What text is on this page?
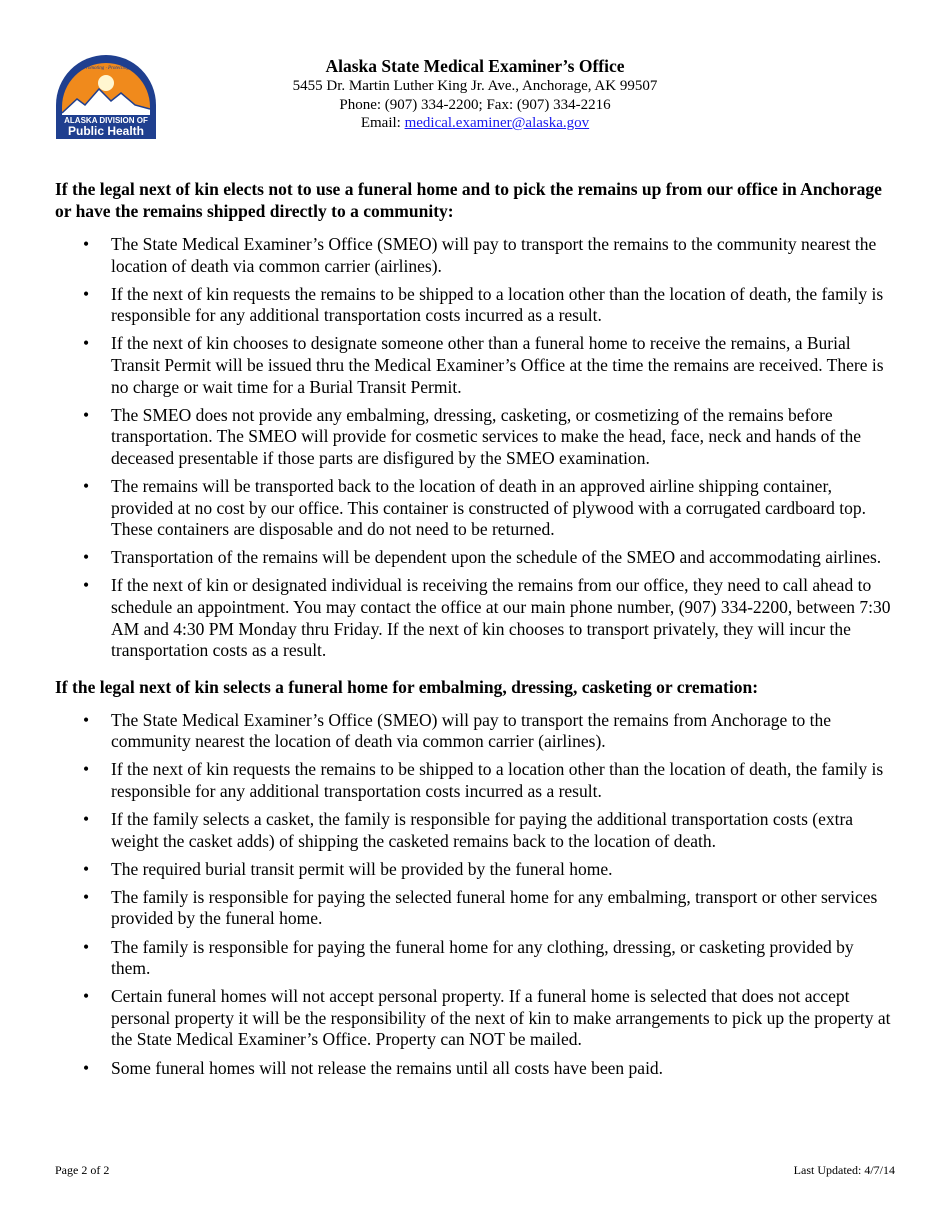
ALASKA DIVISION OF
Public Health
Promoting · Protecting	Alaska State Medical Examiner’s Office
5455 Dr. Martin Luther King Jr. Ave., Anchorage, AK 99507
Phone: (907) 334-2200; Fax: (907) 334-2216
Email: medical.examiner@alaska.gov

If the legal next of kin elects not to use a funeral home and to pick the remains up from our office in Anchorage or have the remains shipped directly to a community:

• The State Medical Examiner’s Office (SMEO) will pay to transport the remains to the community nearest the location of death via common carrier (airlines).
• If the next of kin requests the remains to be shipped to a location other than the location of death, the family is responsible for any additional transportation costs incurred as a result.
• If the next of kin chooses to designate someone other than a funeral home to receive the remains, a Burial Transit Permit will be issued thru the Medical Examiner’s Office at the time the remains are received. There is no charge or wait time for a Burial Transit Permit.
• The SMEO does not provide any embalming, dressing, casketing, or cosmetizing of the remains before transportation. The SMEO will provide for cosmetic services to make the head, face, neck and hands of the deceased presentable if those parts are disfigured by the SMEO examination.
• The remains will be transported back to the location of death in an approved airline shipping container, provided at no cost by our office. This container is constructed of plywood with a corrugated cardboard top. These containers are disposable and do not need to be returned.
• Transportation of the remains will be dependent upon the schedule of the SMEO and accommodating airlines.
• If the next of kin or designated individual is receiving the remains from our office, they need to call ahead to schedule an appointment. You may contact the office at our main phone number, (907) 334-2200, between 7:30 AM and 4:30 PM Monday thru Friday. If the next of kin chooses to transport privately, they will incur the transportation costs as a result.

If the legal next of kin selects a funeral home for embalming, dressing, casketing or cremation:

• The State Medical Examiner’s Office (SMEO) will pay to transport the remains from Anchorage to the community nearest the location of death via common carrier (airlines).
• If the next of kin requests the remains to be shipped to a location other than the location of death, the family is responsible for any additional transportation costs incurred as a result.
• If the family selects a casket, the family is responsible for paying the additional transportation costs (extra weight the casket adds) of shipping the casketed remains back to the location of death.
• The required burial transit permit will be provided by the funeral home.
• The family is responsible for paying the selected funeral home for any embalming, transport or other services provided by the funeral home.
• The family is responsible for paying the funeral home for any clothing, dressing, or casketing provided by them.
• Certain funeral homes will not accept personal property. If a funeral home is selected that does not accept personal property it will be the responsibility of the next of kin to make arrangements to pick up the property at the State Medical Examiner’s Office. Property can NOT be mailed.
• Some funeral homes will not release the remains until all costs have been paid.
Page 2 of 2	Last Updated: 4/7/14
